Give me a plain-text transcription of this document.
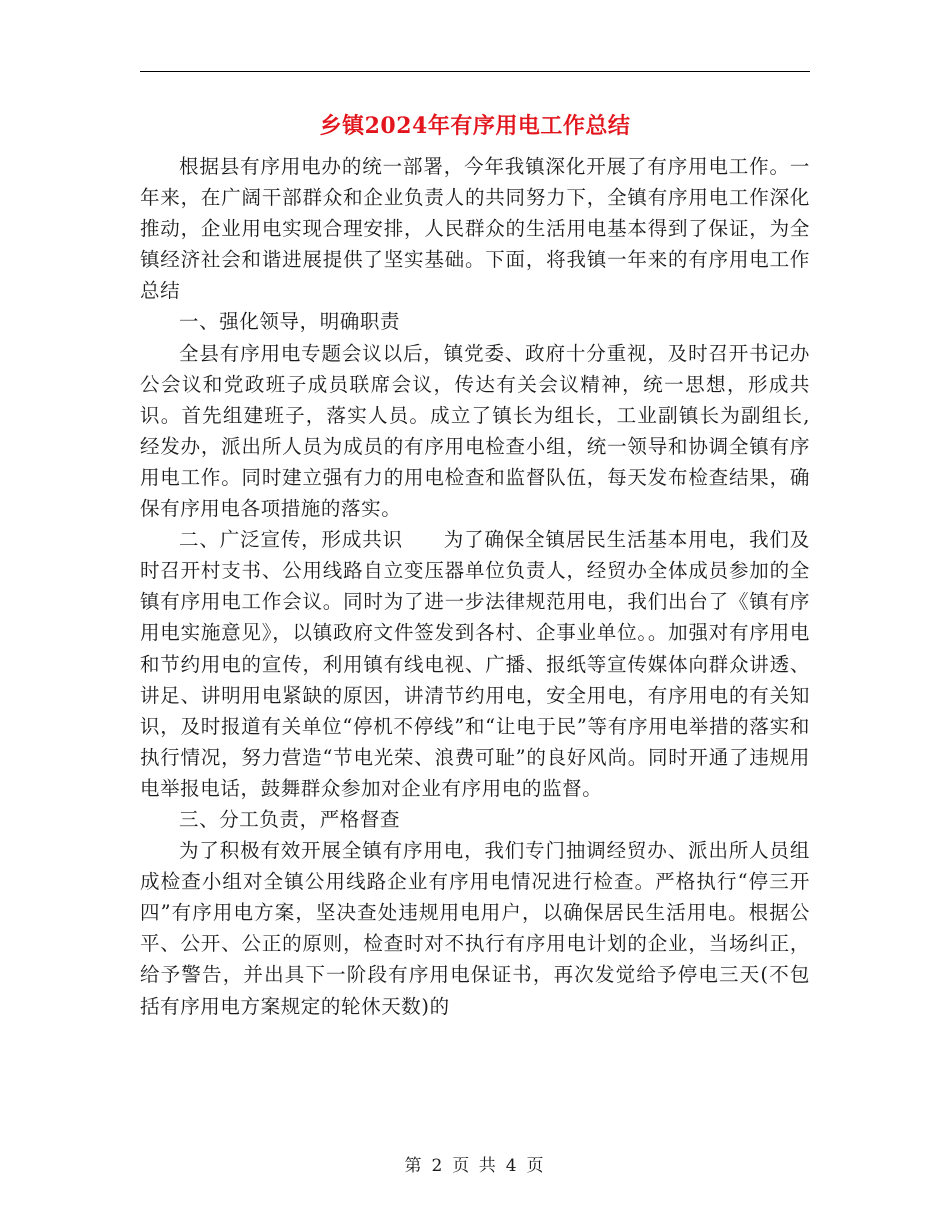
乡镇2024年有序用电工作总结

根据县有序用电办的统一部署，今年我镇深化开展了有序用电工作。一年来，在广阔干部群众和企业负责人的共同努力下，全镇有序用电工作深化推动，企业用电实现合理安排，人民群众的生活用电基本得到了保证，为全镇经济社会和谐进展提供了坚实基础。下面，将我镇一年来的有序用电工作总结

一、强化领导，明确职责

全县有序用电专题会议以后，镇党委、政府十分重视，及时召开书记办公会议和党政班子成员联席会议，传达有关会议精神，统一思想，形成共识。首先组建班子，落实人员。成立了镇长为组长，工业副镇长为副组长,经发办，派出所人员为成员的有序用电检查小组，统一领导和协调全镇有序用电工作。同时建立强有力的用电检查和监督队伍，每天发布检查结果，确保有序用电各项措施的落实。

二、广泛宣传，形成共识　　为了确保全镇居民生活基本用电，我们及时召开村支书、公用线路自立变压器单位负责人，经贸办全体成员参加的全镇有序用电工作会议。同时为了进一步法律规范用电，我们出台了《镇有序用电实施意见》，以镇政府文件签发到各村、企事业单位。。加强对有序用电和节约用电的宣传，利用镇有线电视、广播、报纸等宣传媒体向群众讲透、讲足、讲明用电紧缺的原因，讲清节约用电，安全用电，有序用电的有关知识，及时报道有关单位“停机不停线”和“让电于民”等有序用电举措的落实和执行情况，努力营造“节电光荣、浪费可耻”的良好风尚。同时开通了违规用电举报电话，鼓舞群众参加对企业有序用电的监督。

三、分工负责，严格督查

为了积极有效开展全镇有序用电，我们专门抽调经贸办、派出所人员组成检查小组对全镇公用线路企业有序用电情况进行检查。严格执行“停三开四”有序用电方案，坚决查处违规用电用户，以确保居民生活用电。根据公平、公开、公正的原则，检查时对不执行有序用电计划的企业，当场纠正，给予警告，并出具下一阶段有序用电保证书，再次发觉给予停电三天(不包括有序用电方案规定的轮休天数)的

第 2 页 共 4 页
